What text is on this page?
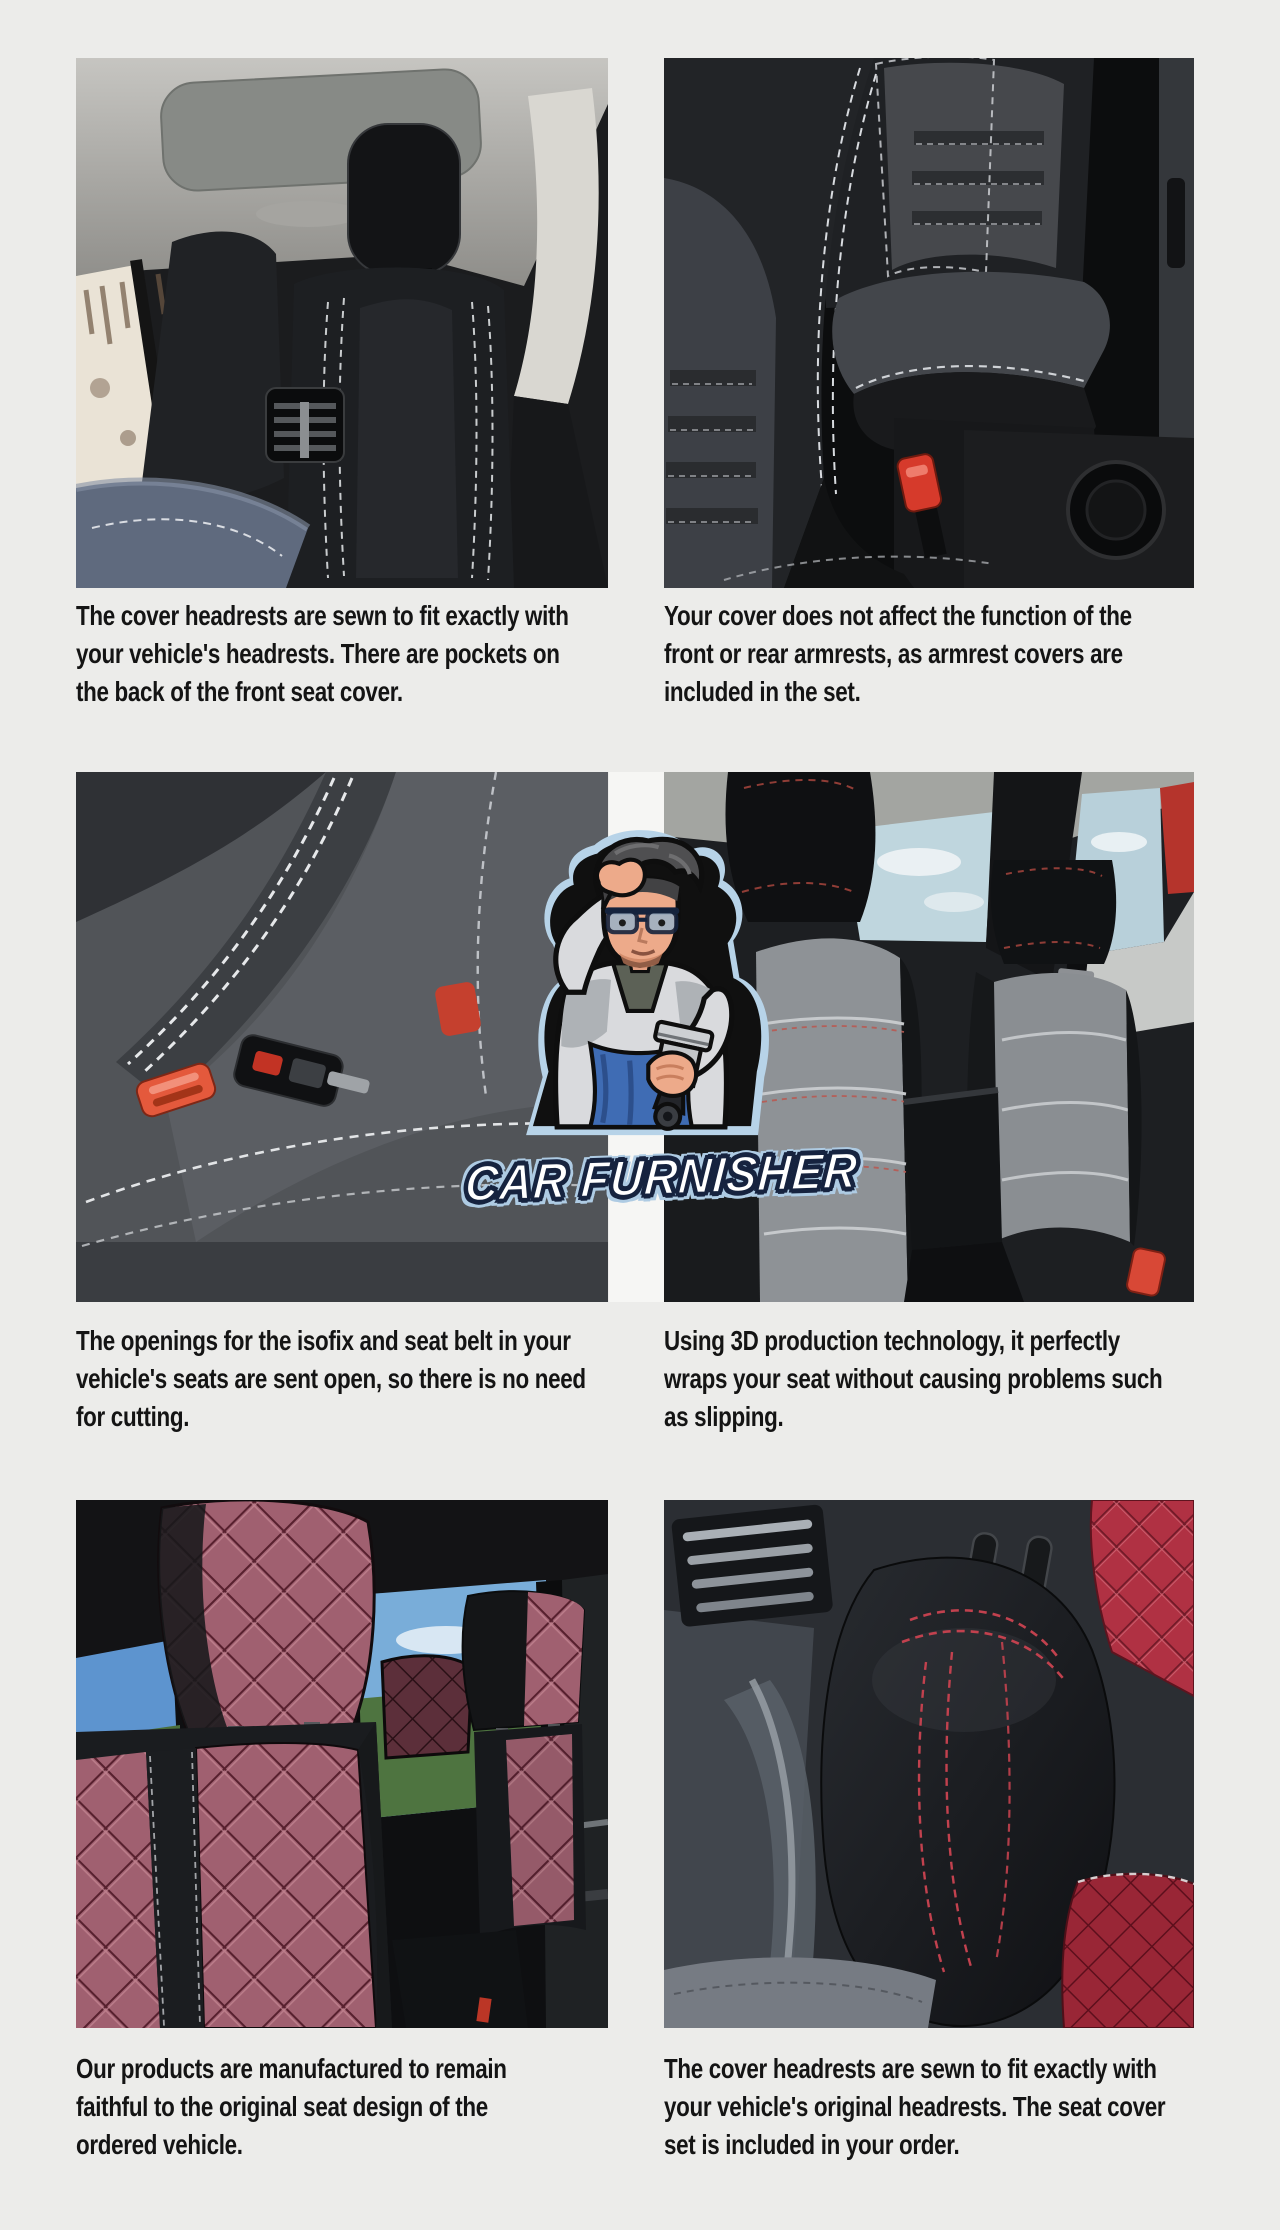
The cover headrests are sewn to fit exactly with
your vehicle's headrests. There are pockets on
the back of the front seat cover.
Your cover does not affect the function of the
front or rear armrests, as armrest covers are
included in the set.
The openings for the isofix and seat belt in your
vehicle's seats are sent open, so there is no need
for cutting.
Using 3D production technology, it perfectly
wraps your seat without causing problems such
as slipping.
Our products are manufactured to remain
faithful to the original seat design of the
ordered vehicle.
The cover headrests are sewn to fit exactly with
your vehicle's original headrests. The seat cover
set is included in your order.
CAR FURNISHER
